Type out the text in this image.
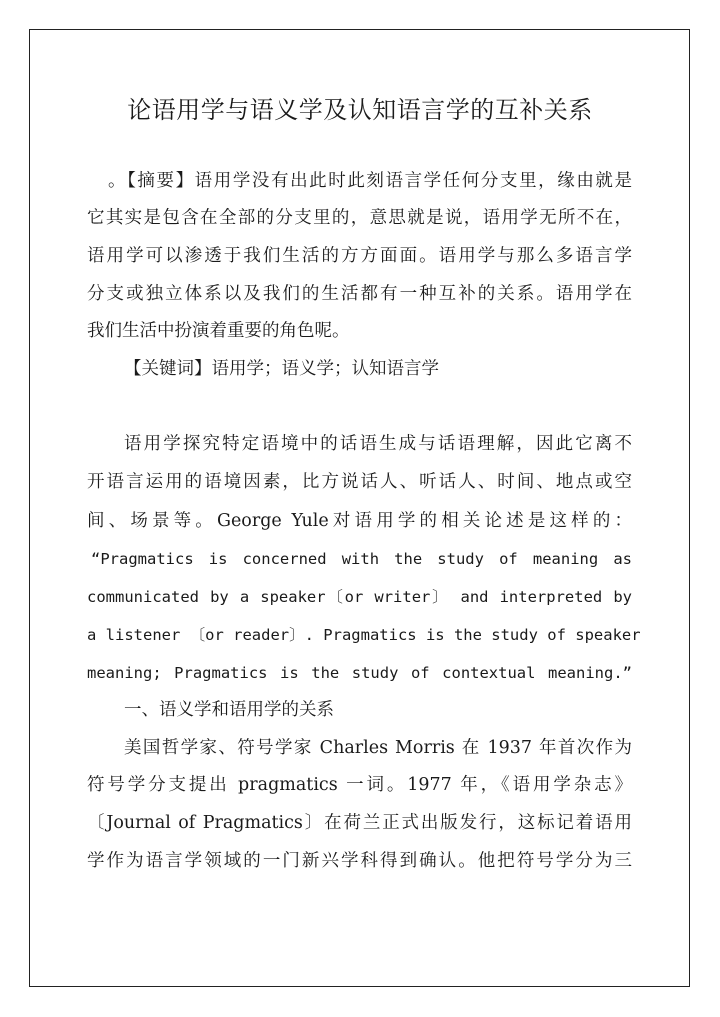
论语用学与语义学及认知语言学的互补关系
。【摘要】语用学没有出此时此刻语言学任何分支里，缘由就是
它其实是包含在全部的分支里的，意思就是说，语用学无所不在，
语用学可以渗透于我们生活的方方面面。语用学与那么多语言学
分支或独立体系以及我们的生活都有一种互补的关系。语用学在
我们生活中扮演着重要的角色呢。
【关键词】语用学；语义学；认知语言学
语用学探究特定语境中的话语生成与话语理解，因此它离不
开语言运用的语境因素，比方说话人、听话人、时间、地点或空
间、场景等。George Yule对语用学的相关论述是这样的：
“Pragmatics is concerned with the study of meaning as
communicated by a speaker〔or writer〕 and interpreted by
a listener 〔or reader〕. Pragmatics is the study of speaker
meaning; Pragmatics is the study of contextual meaning.”
一、语义学和语用学的关系
美国哲学家、符号学家 Charles Morris 在 1937 年首次作为
符号学分支提出 pragmatics 一词。1977 年，《语用学杂志》
〔Journal of Pragmatics〕在荷兰正式出版发行，这标记着语用
学作为语言学领域的一门新兴学科得到确认。他把符号学分为三
